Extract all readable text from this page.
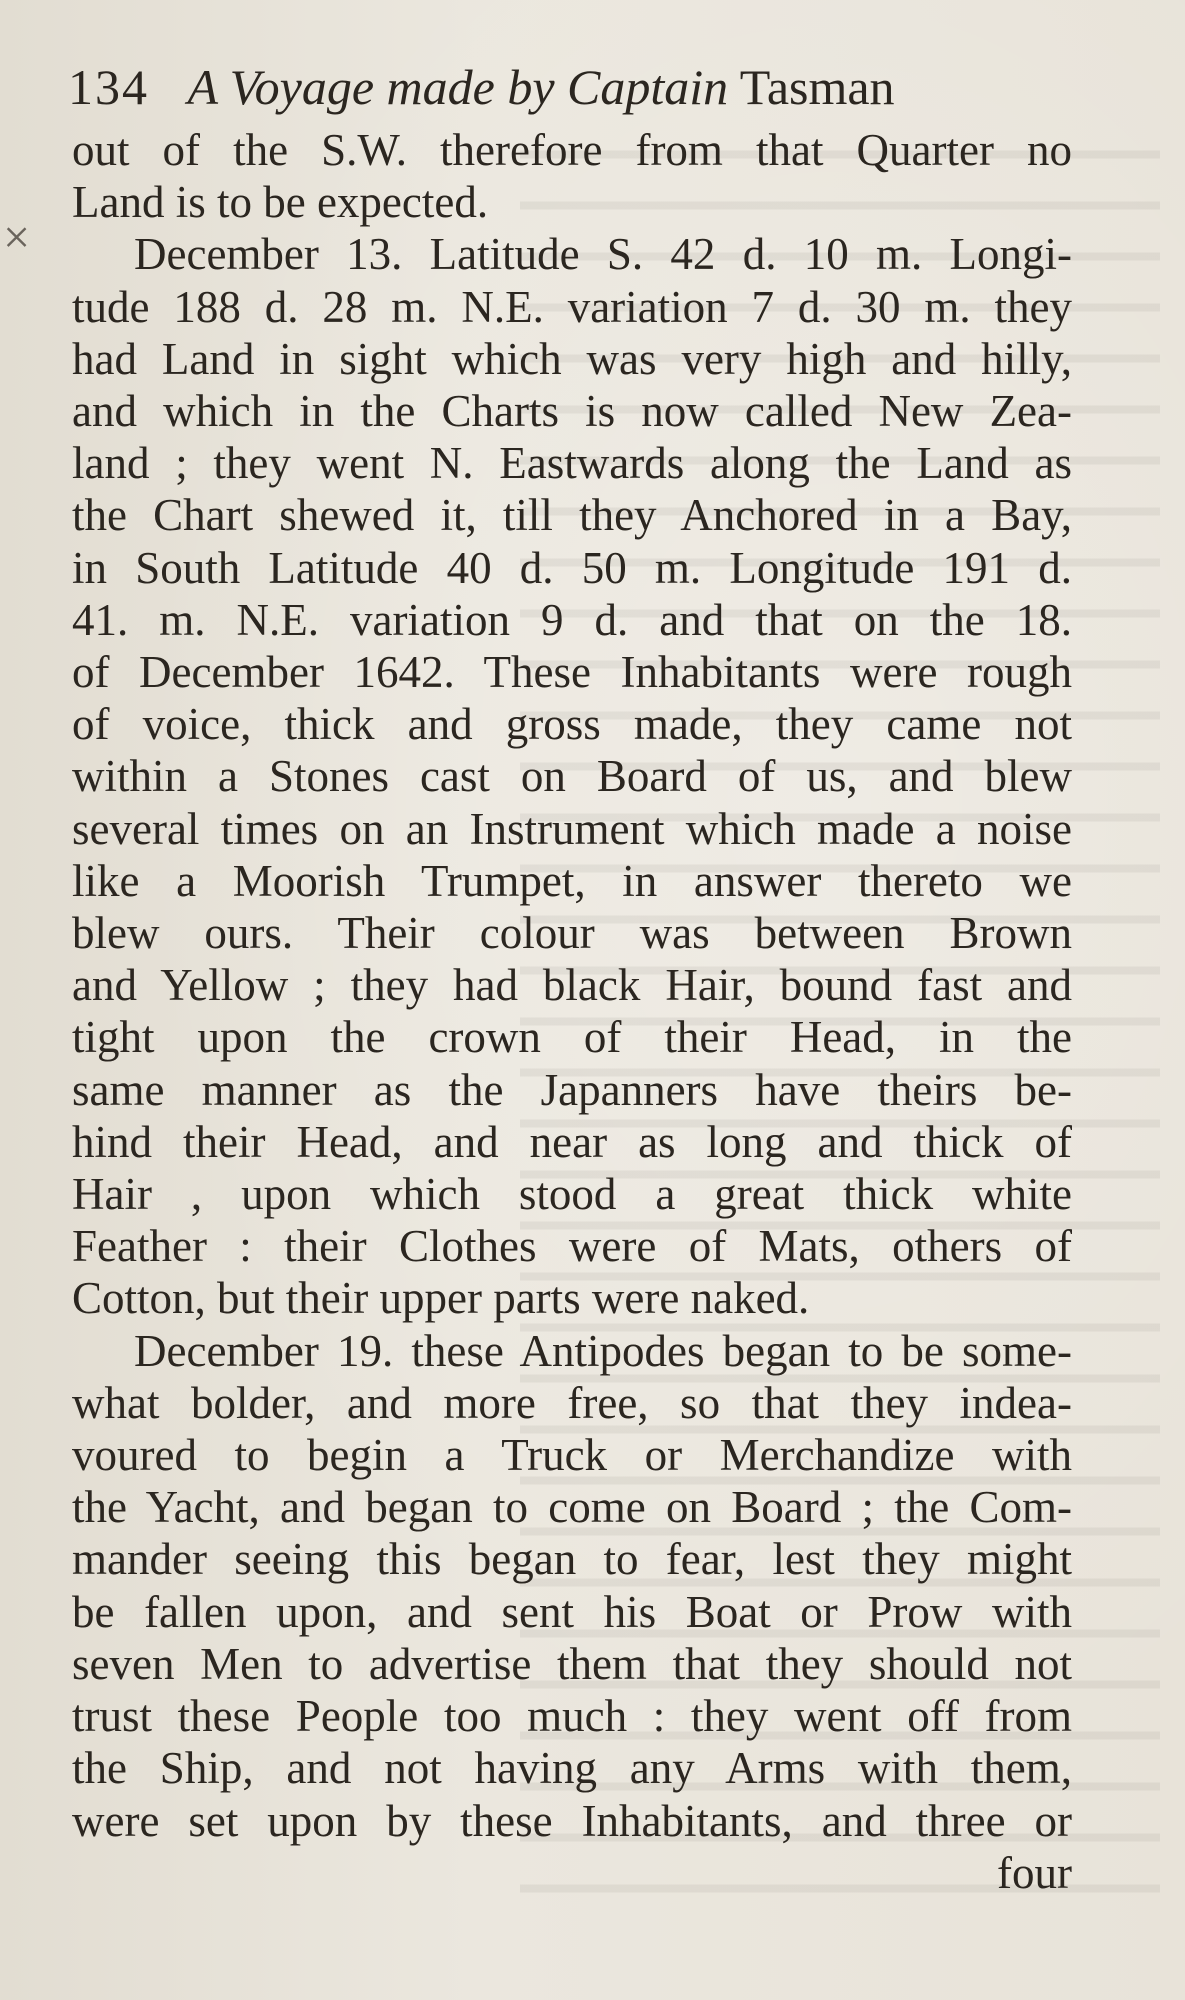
134 A Voyage made by Captain Tasman
×
out of the S.W. therefore from that Quarter no
Land is to be expected.
December 13. Latitude S. 42 d. 10 m. Longi-
tude 188 d. 28 m. N.E. variation 7 d. 30 m. they
had Land in sight which was very high and hilly,
and which in the Charts is now called New Zea-
land ; they went N. Eastwards along the Land as
the Chart shewed it, till they Anchored in a Bay,
in South Latitude 40 d. 50 m. Longitude 191 d.
41. m. N.E. variation 9 d. and that on the 18.
of December 1642. These Inhabitants were rough
of voice, thick and gross made, they came not
within a Stones cast on Board of us, and blew
several times on an Instrument which made a noise
like a Moorish Trumpet, in answer thereto we
blew ours. Their colour was between Brown
and Yellow ; they had black Hair, bound fast and
tight upon the crown of their Head, in the
same manner as the Japanners have theirs be-
hind their Head, and near as long and thick of
Hair , upon which stood a great thick white
Feather : their Clothes were of Mats, others of
Cotton, but their upper parts were naked.
December 19. these Antipodes began to be some-
what bolder, and more free, so that they indea-
voured to begin a Truck or Merchandize with
the Yacht, and began to come on Board ; the Com-
mander seeing this began to fear, lest they might
be fallen upon, and sent his Boat or Prow with
seven Men to advertise them that they should not
trust these People too much : they went off from
the Ship, and not having any Arms with them,
were set upon by these Inhabitants, and three or
four
